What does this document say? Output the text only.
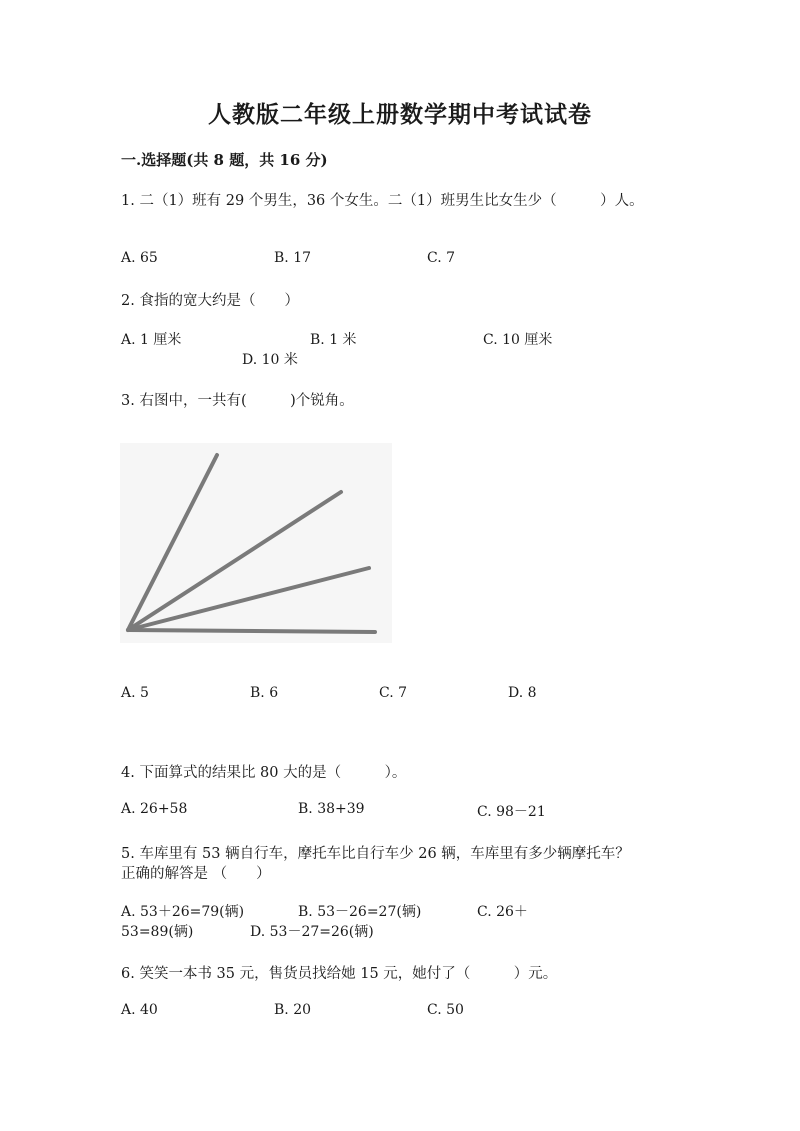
人教版二年级上册数学期中考试试卷
一.选择题(共 8 题，共 16 分)
1. 二（1）班有 29 个男生，36 个女生。二（1）班男生比女生少（　　　）人。
A. 65	B. 17	C. 7
2. 食指的宽大约是（　　）
A. 1 厘米	B. 1 米	C. 10 厘米
D. 10 米
3. 右图中，一共有(　　　)个锐角。
A. 5	B. 6	C. 7	D. 8
4. 下面算式的结果比 80 大的是（　　　）。
A. 26+58	B. 38+39	C. 98－21
5. 车库里有 53 辆自行车，摩托车比自行车少 26 辆，车库里有多少辆摩托车？
正确的解答是 （　　）
A. 53＋26=79(辆)	B. 53－26=27(辆)	C. 26＋
53=89(辆)	D. 53－27=26(辆)
6. 笑笑一本书 35 元，售货员找给她 15 元，她付了（　　　）元。
A. 40	B. 20	C. 50
